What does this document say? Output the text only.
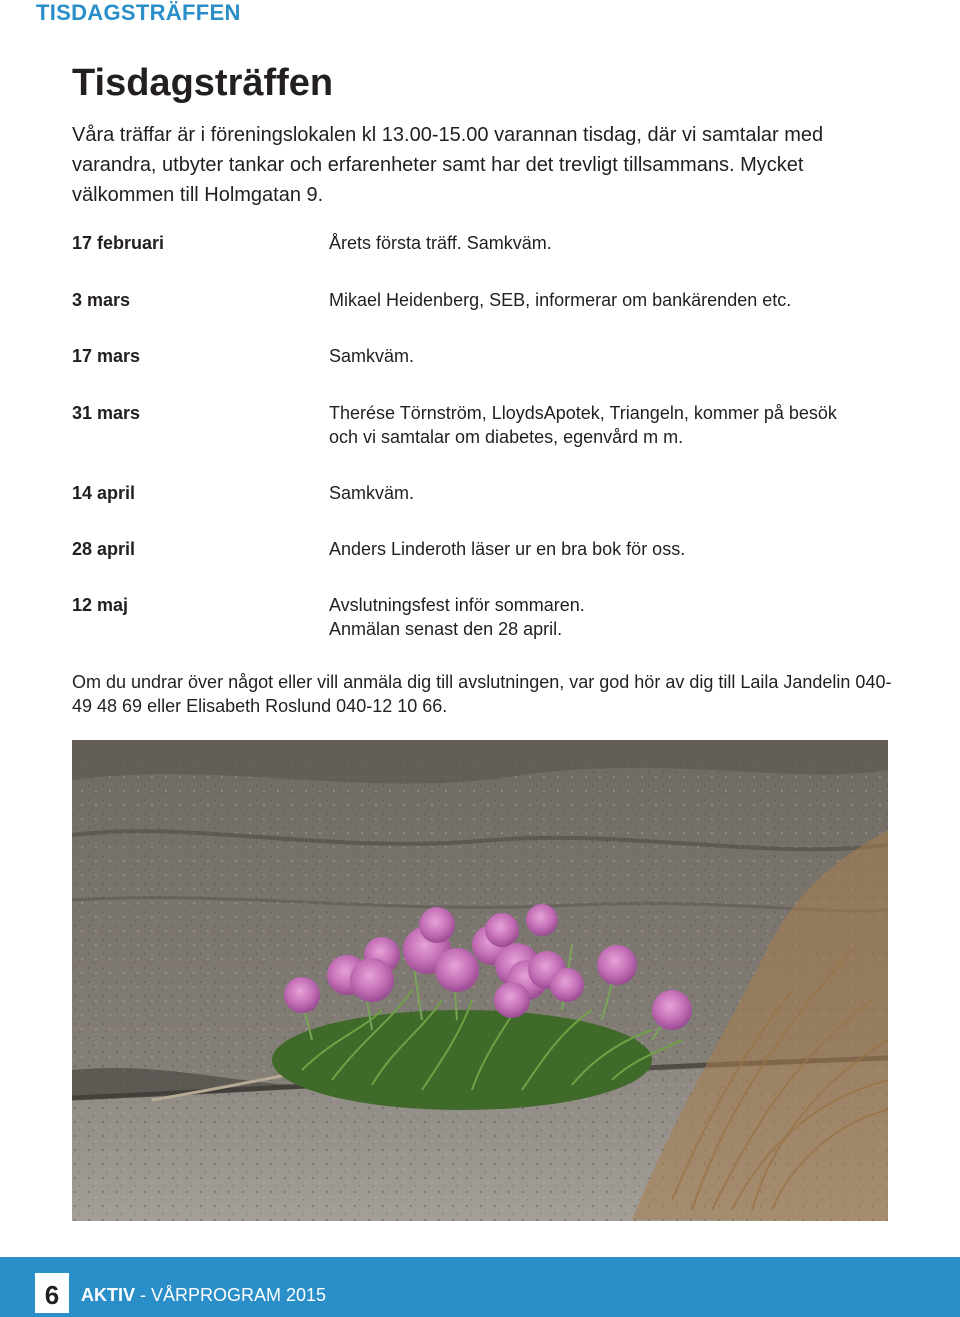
TISDAGSTRÄFFEN
Tisdagsträffen
Våra träffar är i föreningslokalen kl 13.00-15.00 varannan tisdag, där vi samtalar med varandra, utbyter tankar och erfarenheter samt har det trevligt tillsammans. Mycket välkommen till Holmgatan 9.
17 februari	Årets första träff. Samkväm.
3 mars	Mikael Heidenberg, SEB, informerar om bankärenden etc.
17 mars	Samkväm.
31 mars	Therése Törnström, LloydsApotek, Triangeln, kommer på besök
och vi samtalar om diabetes, egenvård m m.
14 april	Samkväm.
28 april	Anders Linderoth läser ur en bra bok för oss.
12 maj	Avslutningsfest inför sommaren.
Anmälan senast den 28 april.
Om du undrar över något eller vill anmäla dig till avslutningen, var god hör av dig till Laila Jandelin 040-49 48 69 eller Elisabeth Roslund 040-12 10 66.
6	AKTIV - VÅRPROGRAM 2015
